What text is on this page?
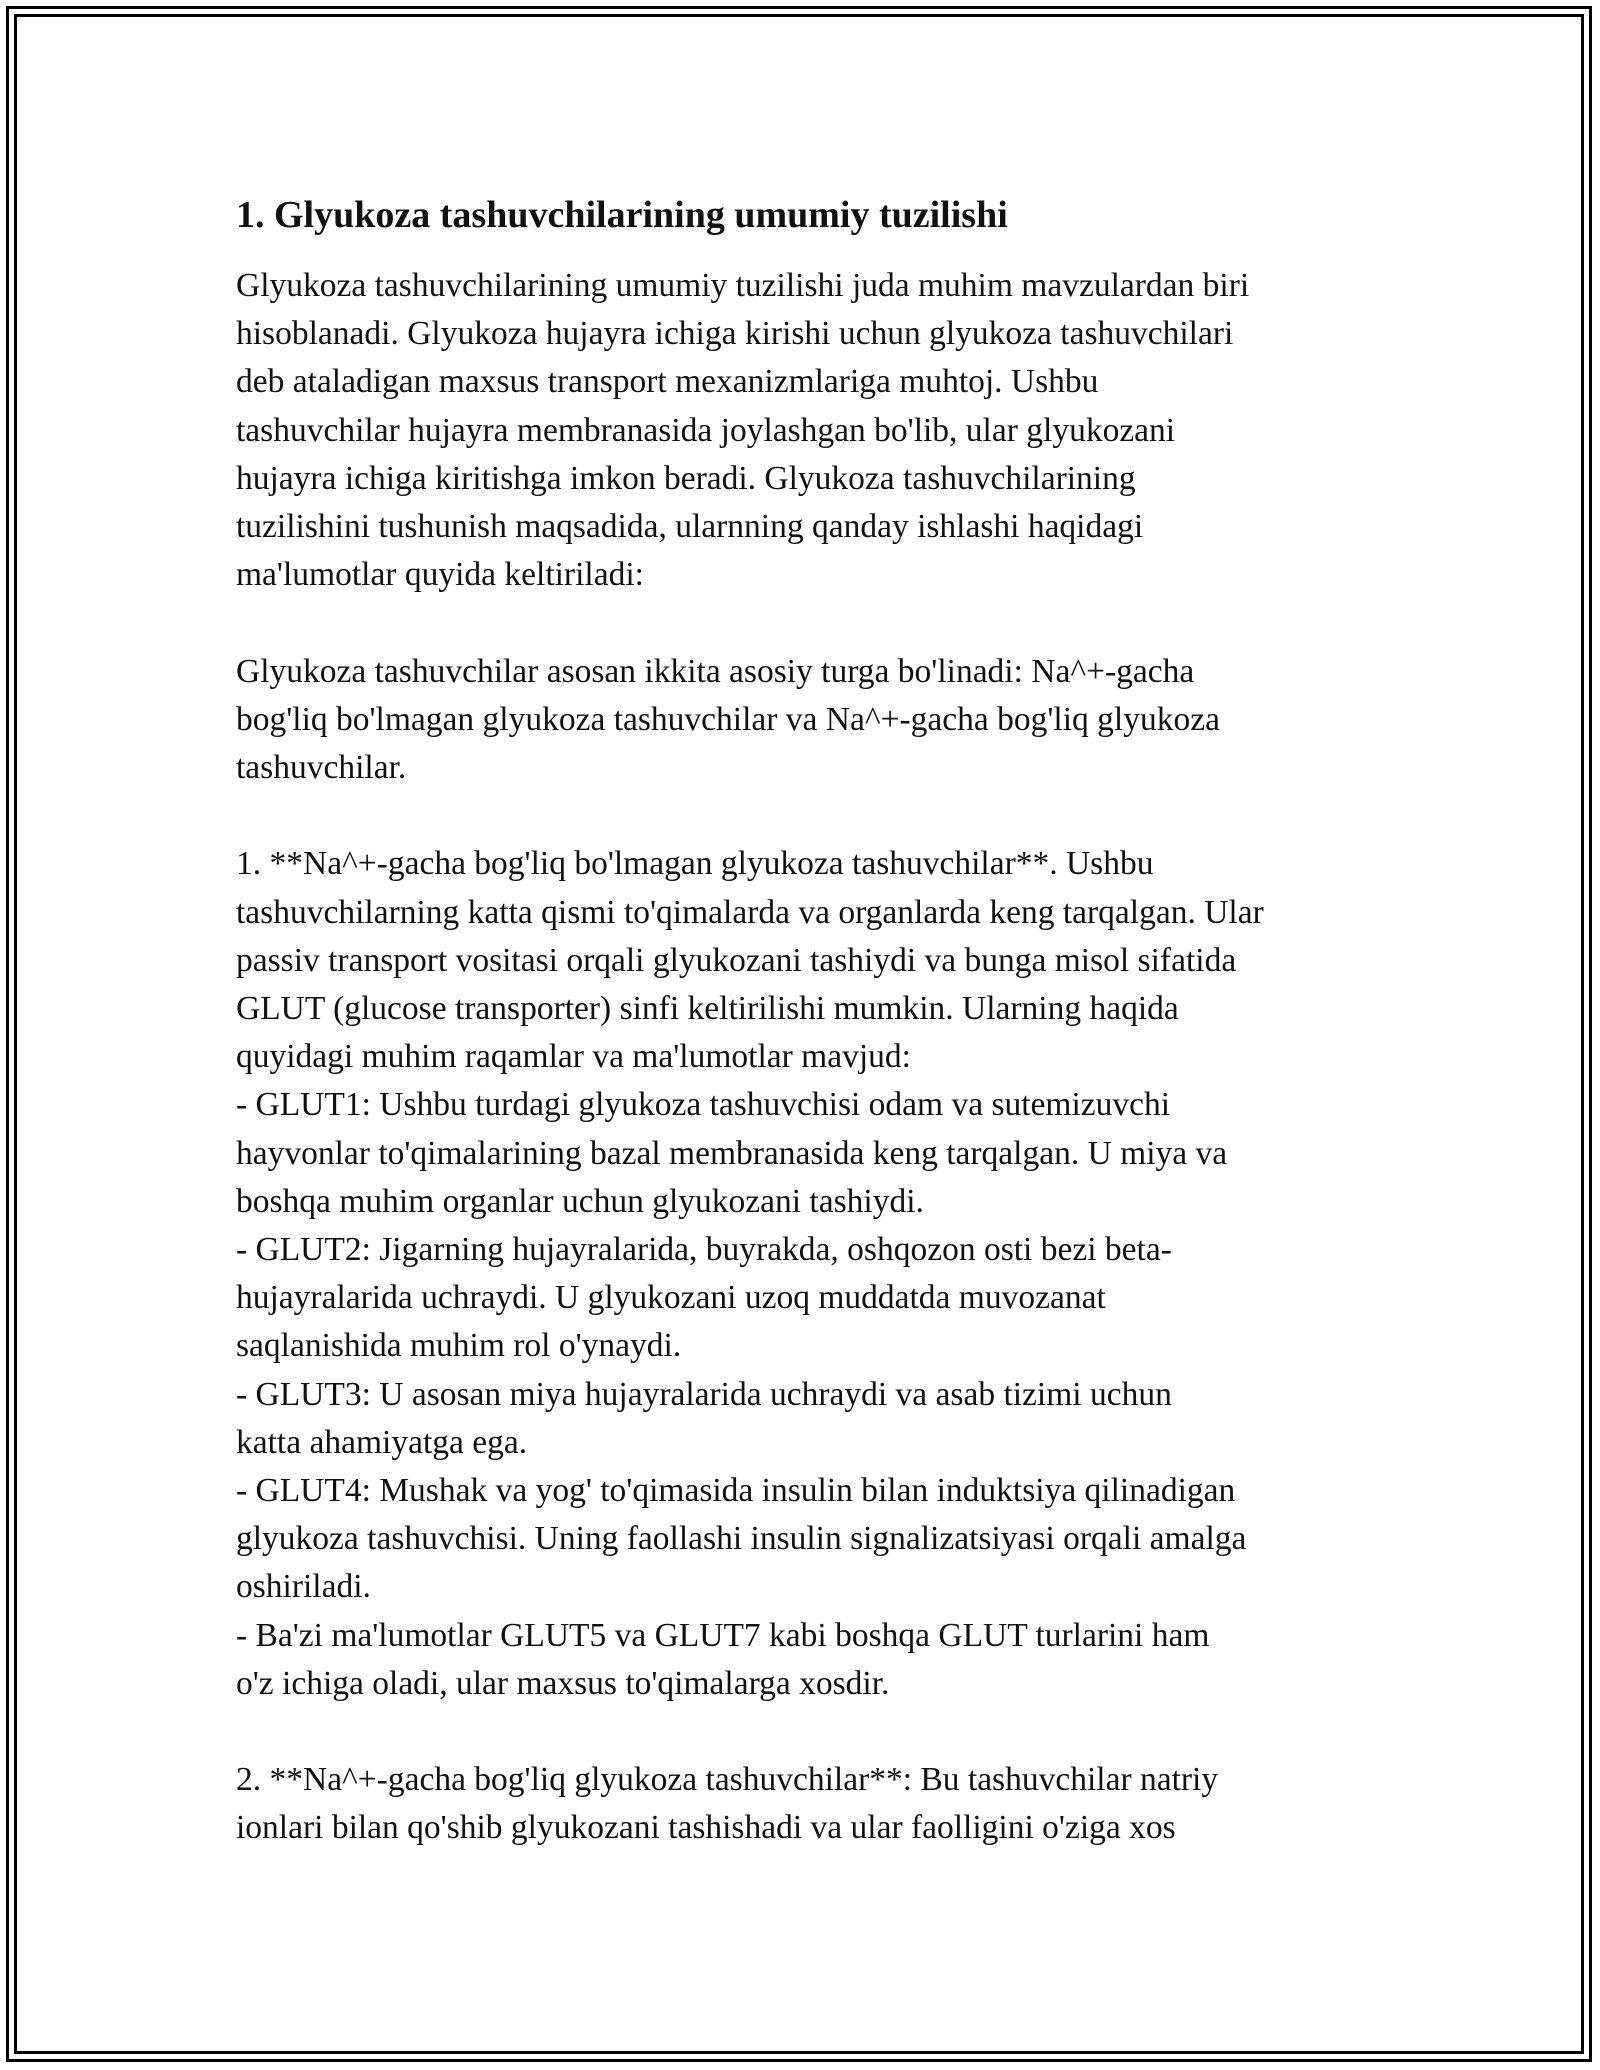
1. Glyukoza tashuvchilarining umumiy tuzilishi

Glyukoza tashuvchilarining umumiy tuzilishi juda muhim mavzulardan biri
hisoblanadi. Glyukoza hujayra ichiga kirishi uchun glyukoza tashuvchilari
deb ataladigan maxsus transport mexanizmlariga muhtoj. Ushbu
tashuvchilar hujayra membranasida joylashgan bo'lib, ular glyukozani
hujayra ichiga kiritishga imkon beradi. Glyukoza tashuvchilarining
tuzilishini tushunish maqsadida, ularnning qanday ishlashi haqidagi
ma'lumotlar quyida keltiriladi:

Glyukoza tashuvchilar asosan ikkita asosiy turga bo'linadi: Na^+-gacha
bog'liq bo'lmagan glyukoza tashuvchilar va Na^+-gacha bog'liq glyukoza
tashuvchilar.

1. **Na^+-gacha bog'liq bo'lmagan glyukoza tashuvchilar**. Ushbu
tashuvchilarning katta qismi to'qimalarda va organlarda keng tarqalgan. Ular
passiv transport vositasi orqali glyukozani tashiydi va bunga misol sifatida
GLUT (glucose transporter) sinfi keltirilishi mumkin. Ularning haqida
quyidagi muhim raqamlar va ma'lumotlar mavjud:

- GLUT1: Ushbu turdagi glyukoza tashuvchisi odam va sutemizuvchi
hayvonlar to'qimalarining bazal membranasida keng tarqalgan. U miya va
boshqa muhim organlar uchun glyukozani tashiydi.

- GLUT2: Jigarning hujayralarida, buyrakda, oshqozon osti bezi beta-
hujayralarida uchraydi. U glyukozani uzoq muddatda muvozanat
saqlanishida muhim rol o'ynaydi.

- GLUT3: U asosan miya hujayralarida uchraydi va asab tizimi uchun
katta ahamiyatga ega.

- GLUT4: Mushak va yog' to'qimasida insulin bilan induktsiya qilinadigan
glyukoza tashuvchisi. Uning faollashi insulin signalizatsiyasi orqali amalga
oshiriladi.

- Ba'zi ma'lumotlar GLUT5 va GLUT7 kabi boshqa GLUT turlarini ham
o'z ichiga oladi, ular maxsus to'qimalarga xosdir.

2. **Na^+-gacha bog'liq glyukoza tashuvchilar**: Bu tashuvchilar natriy
ionlari bilan qo'shib glyukozani tashishadi va ular faolligini o'ziga xos
